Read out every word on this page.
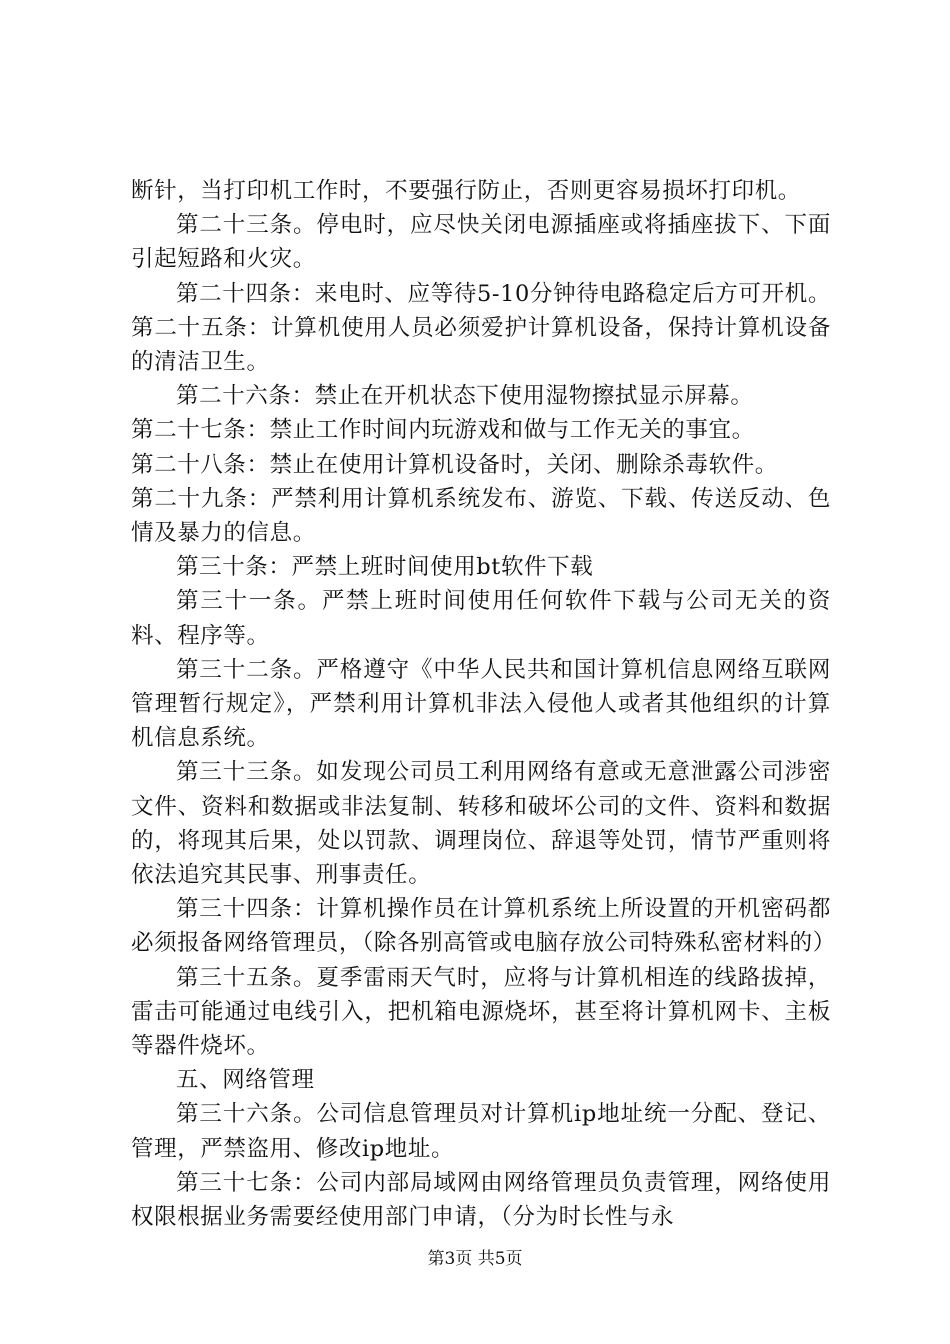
断针，当打印机工作时，不要强行防止，否则更容易损坏打印机。

第二十三条。停电时，应尽快关闭电源插座或将插座拔下、下面引起短路和火灾。

第二十四条：来电时、应等待5-10分钟待电路稳定后方可开机。第二十五条：计算机使用人员必须爱护计算机设备，保持计算机设备的清洁卫生。

第二十六条：禁止在开机状态下使用湿物擦拭显示屏幕。

第二十七条：禁止工作时间内玩游戏和做与工作无关的事宜。

第二十八条：禁止在使用计算机设备时，关闭、删除杀毒软件。

第二十九条：严禁利用计算机系统发布、游览、下载、传送反动、色情及暴力的信息。

第三十条：严禁上班时间使用bt软件下载

第三十一条。严禁上班时间使用任何软件下载与公司无关的资料、程序等。

第三十二条。严格遵守《中华人民共和国计算机信息网络互联网管理暂行规定》，严禁利用计算机非法入侵他人或者其他组织的计算机信息系统。

第三十三条。如发现公司员工利用网络有意或无意泄露公司涉密文件、资料和数据或非法复制、转移和破坏公司的文件、资料和数据的，将现其后果，处以罚款、调理岗位、辞退等处罚，情节严重则将依法追究其民事、刑事责任。

第三十四条：计算机操作员在计算机系统上所设置的开机密码都必须报备网络管理员，（除各别高管或电脑存放公司特殊私密材料的）

第三十五条。夏季雷雨天气时，应将与计算机相连的线路拔掉，雷击可能通过电线引入，把机箱电源烧坏，甚至将计算机网卡、主板等器件烧坏。

五、网络管理

第三十六条。公司信息管理员对计算机ip地址统一分配、登记、管理，严禁盗用、修改ip地址。

第三十七条：公司内部局域网由网络管理员负责管理，网络使用权限根据业务需要经使用部门申请，（分为时长性与永

第3页 共5页
